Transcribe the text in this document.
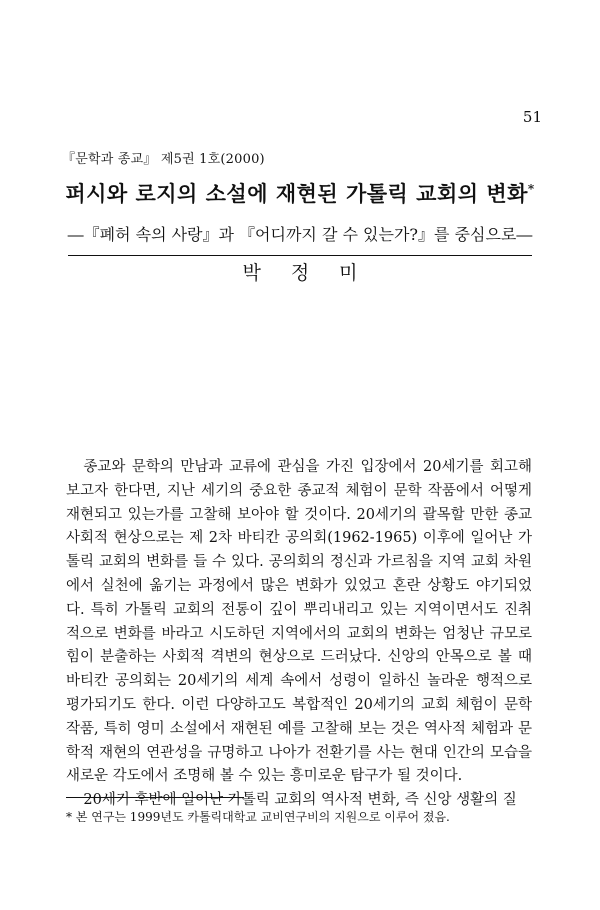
51
『문학과 종교』 제5권 1호(2000)
퍼시와 로지의 소설에 재현된 가톨릭 교회의 변화*
―『폐허 속의 사랑』과 『어디까지 갈 수 있는가?』를 중심으로―
박정미

종교와 문학의 만남과 교류에 관심을 가진 입장에서 20세기를 회고해 보고자 한다면, 지난 세기의 중요한 종교적 체험이 문학 작품에서 어떻게 재현되고 있는가를 고찰해 보아야 할 것이다. 20세기의 괄목할 만한 종교 사회적 현상으로는 제 2차 바티칸 공의회(1962-1965) 이후에 일어난 가톨릭 교회의 변화를 들 수 있다. 공의회의 정신과 가르침을 지역 교회 차원에서 실천에 옮기는 과정에서 많은 변화가 있었고 혼란 상황도 야기되었다. 특히 가톨릭 교회의 전통이 깊이 뿌리내리고 있는 지역이면서도 진취적으로 변화를 바라고 시도하던 지역에서의 교회의 변화는 엄청난 규모로 힘이 분출하는 사회적 격변의 현상으로 드러났다. 신앙의 안목으로 볼 때 바티칸 공의회는 20세기의 세계 속에서 성령이 일하신 놀라운 행적으로 평가되기도 한다. 이런 다양하고도 복합적인 20세기의 교회 체험이 문학 작품, 특히 영미 소설에서 재현된 예를 고찰해 보는 것은 역사적 체험과 문학적 재현의 연관성을 규명하고 나아가 전환기를 사는 현대 인간의 모습을 새로운 각도에서 조명해 볼 수 있는 흥미로운 탐구가 될 것이다.

20세기 후반에 일어난 가톨릭 교회의 역사적 변화, 즉 신앙 생활의 질

* 본 연구는 1999년도 카톨릭대학교 교비연구비의 지원으로 이루어 졌음.
